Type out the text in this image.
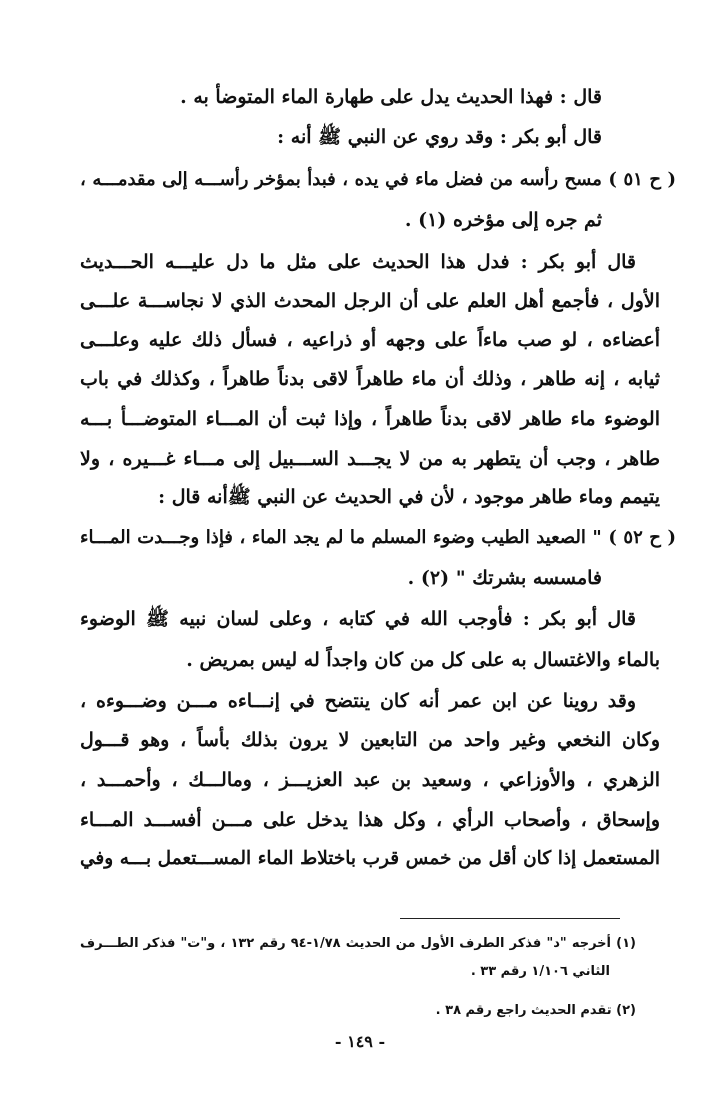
قال : فهذا الحديث يدل على طهارة الماء المتوضأ به .
قال أبو بكر : وقد روي عن النبي ﷺ أنه :
( ح ٥١ ) مسح رأسه من فضل ماء في يده ، فبدأ بمؤخر رأســـه إلى مقدمـــه ،
ثم جره إلى مؤخره (١) .
قال أبو بكر : فدل هذا الحديث على مثل ما دل عليـــه الحـــديث
الأول ، فأجمع أهل العلم على أن الرجل المحدث الذي لا نجاســـة علـــى
أعضاءه ، لو صب ماءاً على وجهه أو ذراعيه ، فسأل ذلك عليه وعلـــى
ثيابه ، إنه طاهر ، وذلك أن ماء طاهراً لاقى بدناً طاهراً ، وكذلك في باب
الوضوء ماء طاهر لاقى بدناً طاهراً ، وإذا ثبت أن المـــاء المتوضـــأ بـــه
طاهر ، وجب أن يتطهر به من لا يجـــد الســـبيل إلى مـــاء غـــيره ، ولا
يتيمم وماء طاهر موجود ، لأن في الحديث عن النبي ﷺأنه قال :
( ح ٥٢ ) " الصعيد الطيب وضوء المسلم ما لم يجد الماء ، فإذا وجـــدت المـــاء
فامسسه بشرتك " (٢) .
قال أبو بكر : فأوجب الله في كتابه ، وعلى لسان نبيه ﷺ الوضوء
بالماء والاغتسال به على كل من كان واجداً له ليس بمريض .
وقد روينا عن ابن عمر أنه كان ينتضح في إنـــاءه مـــن وضـــوءه ،
وكان النخعي وغير واحد من التابعين لا يرون بذلك بأساً ، وهو قـــول
الزهري ، والأوزاعي ، وسعيد بن عبد العزيـــز ، ومالـــك ، وأحمـــد ،
وإسحاق ، وأصحاب الرأي ، وكل هذا يدخل على مـــن أفســـد المـــاء
المستعمل إذا كان أقل من خمس قرب باختلاط الماء المســـتعمل بـــه وفي
(١) أخرجه "د" فذكر الطرف الأول من الحديث ١/٧٨-٩٤ رقم ١٣٢ ، و"ت" فذكر الطـــرف
الثاني ١/١٠٦ رقم ٣٣ .
(٢) تقدم الحديث راجع رقم ٣٨ .
- ١٤٩ -
